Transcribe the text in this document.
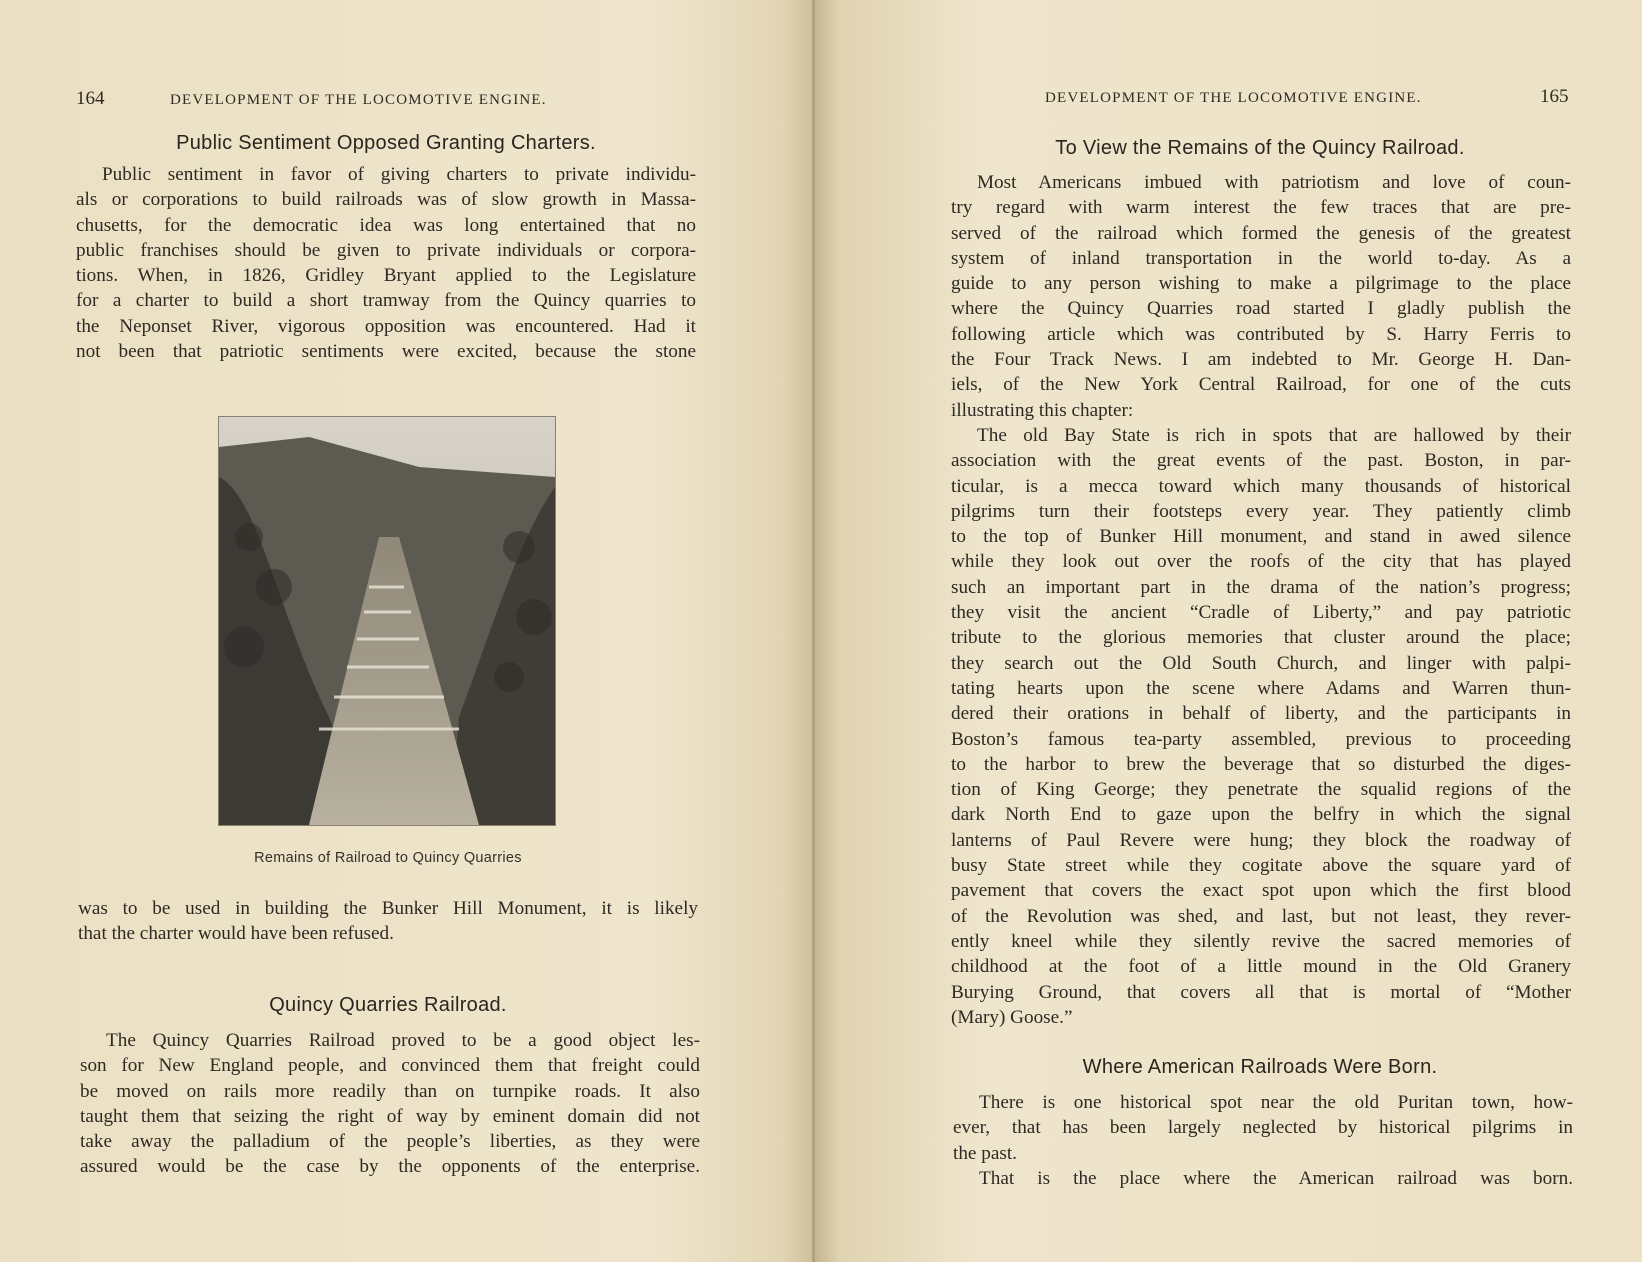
164	DEVELOPMENT OF THE LOCOMOTIVE ENGINE.
Public Sentiment Opposed Granting Charters.
Public sentiment in favor of giving charters to private individu-
als or corporations to build railroads was of slow growth in Massa-
chusetts, for the democratic idea was long entertained that no
public franchises should be given to private individuals or corpora-
tions. When, in 1826, Gridley Bryant applied to the Legislature
for a charter to build a short tramway from the Quincy quarries to
the Neponset River, vigorous opposition was encountered. Had it
not been that patriotic sentiments were excited, because the stone
Remains of Railroad to Quincy Quarries
was to be used in building the Bunker Hill Monument, it is likely
that the charter would have been refused.
Quincy Quarries Railroad.
The Quincy Quarries Railroad proved to be a good object les-
son for New England people, and convinced them that freight could
be moved on rails more readily than on turnpike roads. It also
taught them that seizing the right of way by eminent domain did not
take away the palladium of the people’s liberties, as they were
assured would be the case by the opponents of the enterprise.
DEVELOPMENT OF THE LOCOMOTIVE ENGINE.	165
To View the Remains of the Quincy Railroad.
Most Americans imbued with patriotism and love of coun-
try regard with warm interest the few traces that are pre-
served of the railroad which formed the genesis of the greatest
system of inland transportation in the world to-day. As a
guide to any person wishing to make a pilgrimage to the place
where the Quincy Quarries road started I gladly publish the
following article which was contributed by S. Harry Ferris to
the Four Track News. I am indebted to Mr. George H. Dan-
iels, of the New York Central Railroad, for one of the cuts
illustrating this chapter:
The old Bay State is rich in spots that are hallowed by their
association with the great events of the past. Boston, in par-
ticular, is a mecca toward which many thousands of historical
pilgrims turn their footsteps every year. They patiently climb
to the top of Bunker Hill monument, and stand in awed silence
while they look out over the roofs of the city that has played
such an important part in the drama of the nation’s progress;
they visit the ancient “Cradle of Liberty,” and pay patriotic
tribute to the glorious memories that cluster around the place;
they search out the Old South Church, and linger with palpi-
tating hearts upon the scene where Adams and Warren thun-
dered their orations in behalf of liberty, and the participants in
Boston’s famous tea-party assembled, previous to proceeding
to the harbor to brew the beverage that so disturbed the diges-
tion of King George; they penetrate the squalid regions of the
dark North End to gaze upon the belfry in which the signal
lanterns of Paul Revere were hung; they block the roadway of
busy State street while they cogitate above the square yard of
pavement that covers the exact spot upon which the first blood
of the Revolution was shed, and last, but not least, they rever-
ently kneel while they silently revive the sacred memories of
childhood at the foot of a little mound in the Old Granery
Burying Ground, that covers all that is mortal of “Mother
(Mary) Goose.”
Where American Railroads Were Born.
There is one historical spot near the old Puritan town, how-
ever, that has been largely neglected by historical pilgrims in
the past.
That is the place where the American railroad was born.
